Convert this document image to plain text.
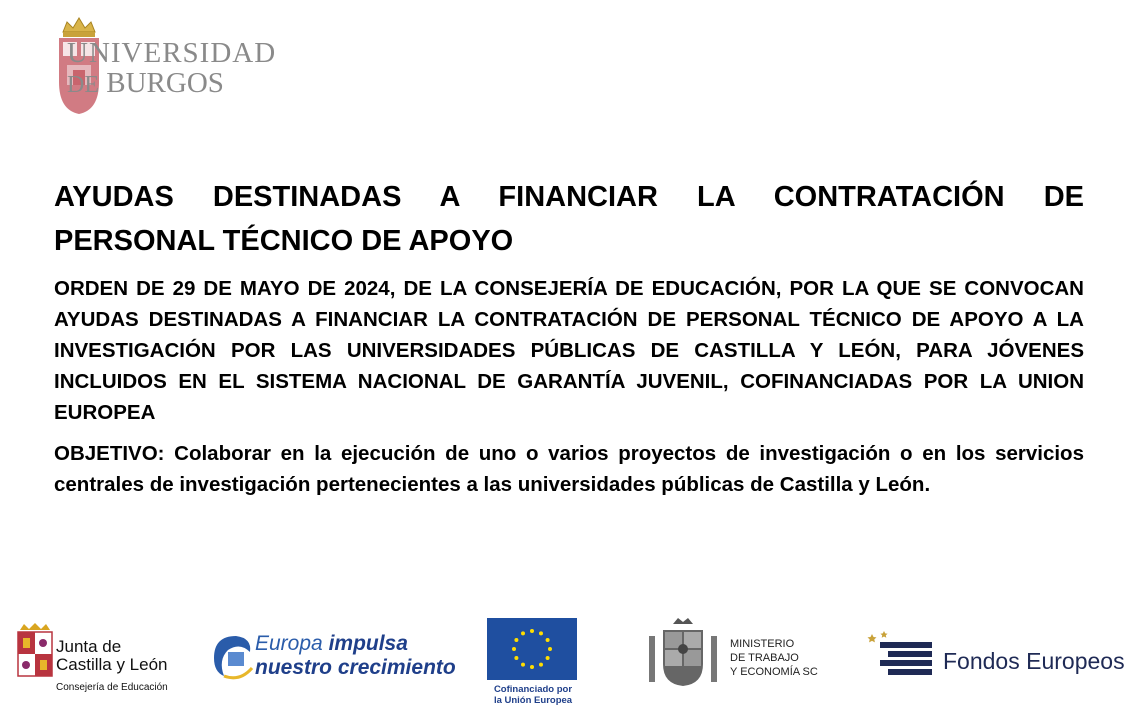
UNIVERSIDAD
DE BURGOS
AYUDAS DESTINADAS A FINANCIAR LA CONTRATACIÓN DE
PERSONAL TÉCNICO DE APOYO

ORDEN DE 29 DE MAYO DE 2024, DE LA CONSEJERÍA DE EDUCACIÓN, POR LA QUE SE CONVOCAN AYUDAS DESTINADAS A FINANCIAR LA CONTRATACIÓN DE PERSONAL TÉCNICO DE APOYO A LA INVESTIGACIÓN POR LAS UNIVERSIDADES PÚBLICAS DE CASTILLA Y LEÓN, PARA JÓVENES INCLUIDOS EN EL SISTEMA NACIONAL DE GARANTÍA JUVENIL, COFINANCIADAS POR LA UNION EUROPEA

OBJETIVO: Colaborar en la ejecución de uno o varios proyectos de investigación o en los servicios centrales de investigación pertenecientes a las universidades públicas de Castilla y León.

Junta de
Castilla y León
Consejería de Educación
Europa impulsa
nuestro crecimiento
Cofinanciado por
la Unión Europea
MINISTERIO
DE TRABAJO
Y ECONOMÍA SC	Fondos Europeos
